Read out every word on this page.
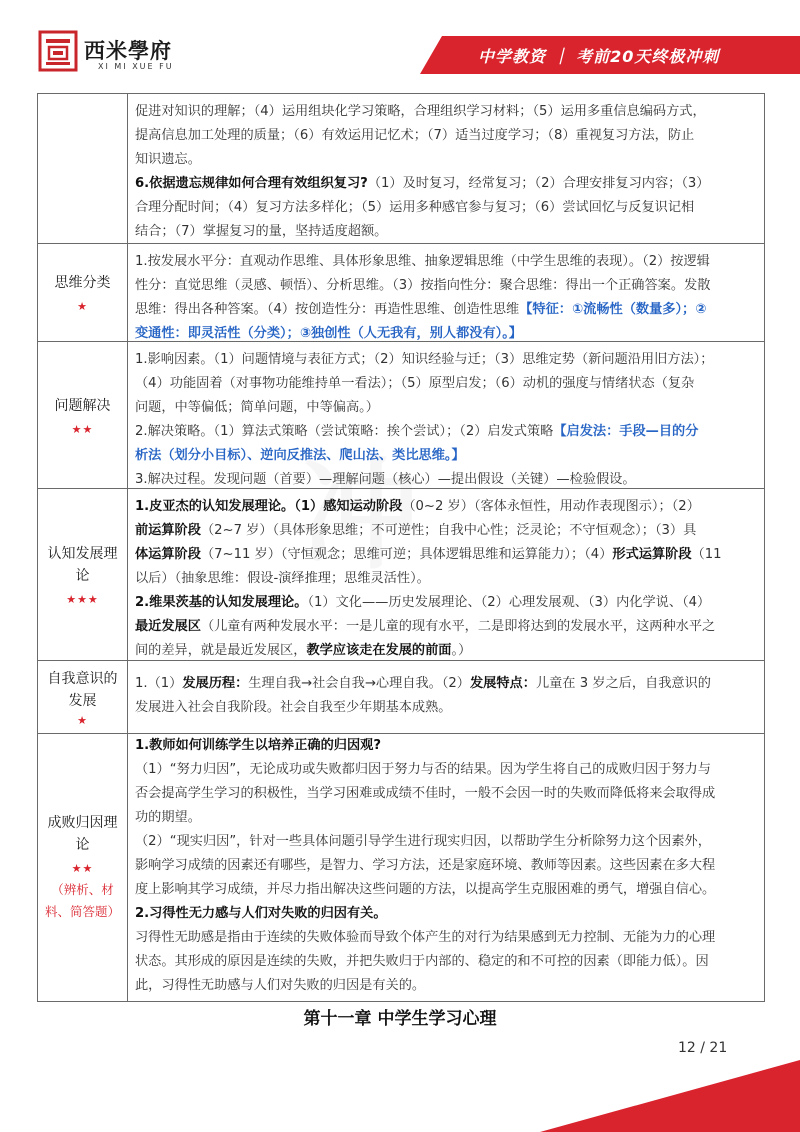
西米學府
XI MI XUE FU
中学教资 ｜ 考前20天终极冲刺

促进对知识的理解；（4）运用组块化学习策略，合理组织学习材料；（5）运用多重信息编码方式，

提高信息加工处理的质量；（6）有效运用记忆术；（7）适当过度学习；（8）重视复习方法，防止

知识遗忘。

6.依据遗忘规律如何合理有效组织复习?（1）及时复习，经常复习；（2）合理安排复习内容；（3）

合理分配时间；（4）复习方法多样化；（5）运用多种感官参与复习；（6）尝试回忆与反复识记相

结合；（7）掌握复习的量，坚持适度超额。

思维分类
★

1.按发展水平分：直观动作思维、具体形象思维、抽象逻辑思维（中学生思维的表现）。（2）按逻辑

性分：直觉思维（灵感、顿悟）、分析思维。（3）按指向性分：聚合思维：得出一个正确答案。发散

思维：得出各种答案。（4）按创造性分：再造性思维、创造性思维【特征：①流畅性（数量多）；②

变通性：即灵活性（分类）；③独创性（人无我有，别人都没有）。】

问题解决
★★

1.影响因素。（1）问题情境与表征方式；（2）知识经验与迁；（3）思维定势（新问题沿用旧方法）；

（4）功能固着（对事物功能维持单一看法）；（5）原型启发；（6）动机的强度与情绪状态（复杂

问题，中等偏低；简单问题，中等偏高。）

2.解决策略。（1）算法式策略（尝试策略：挨个尝试）；（2）启发式策略【启发法：手段—目的分

析法（划分小目标）、逆向反推法、爬山法、类比思维。】

3.解决过程。发现问题（首要）—理解问题（核心）—提出假设（关键）—检验假设。

认知发展理
论
★★★

1.皮亚杰的认知发展理论。（1）感知运动阶段（0~2 岁）（客体永恒性，用动作表现图示）；（2）

前运算阶段（2~7 岁）（具体形象思维；不可逆性；自我中心性；泛灵论；不守恒观念）；（3）具

体运算阶段（7~11 岁）（守恒观念；思维可逆；具体逻辑思维和运算能力）；（4）形式运算阶段（11

以后）（抽象思维：假设-演绎推理；思维灵活性）。

2.维果茨基的认知发展理论。（1）文化——历史发展理论、（2）心理发展观、（3）内化学说、（4）

最近发展区（儿童有两种发展水平：一是儿童的现有水平，二是即将达到的发展水平，这两种水平之

间的差异，就是最近发展区，教学应该走在发展的前面。）

自我意识的
发展
★

1.（1）发展历程：生理自我→社会自我→心理自我。（2）发展特点：儿童在 3 岁之后，自我意识的

发展进入社会自我阶段。社会自我至少年期基本成熟。

成败归因理
论
★★
（辨析、材
料、简答题）

1.教师如何训练学生以培养正确的归因观?

（1）“努力归因”，无论成功或失败都归因于努力与否的结果。因为学生将自己的成败归因于努力与

否会提高学生学习的积极性，当学习困难或成绩不佳时，一般不会因一时的失败而降低将来会取得成

功的期望。

（2）“现实归因”，针对一些具体问题引导学生进行现实归因，以帮助学生分析除努力这个因素外，

影响学习成绩的因素还有哪些，是智力、学习方法，还是家庭环境、教师等因素。这些因素在多大程

度上影响其学习成绩，并尽力指出解决这些问题的方法，以提高学生克服困难的勇气，增强自信心。

2.习得性无力感与人们对失败的归因有关。

习得性无助感是指由于连续的失败体验而导致个体产生的对行为结果感到无力控制、无能为力的心理

状态。其形成的原因是连续的失败，并把失败归于内部的、稳定的和不可控的因素（即能力低）。因

此，习得性无助感与人们对失败的归因是有关的。

第十一章 中学生学习心理
12 / 21
